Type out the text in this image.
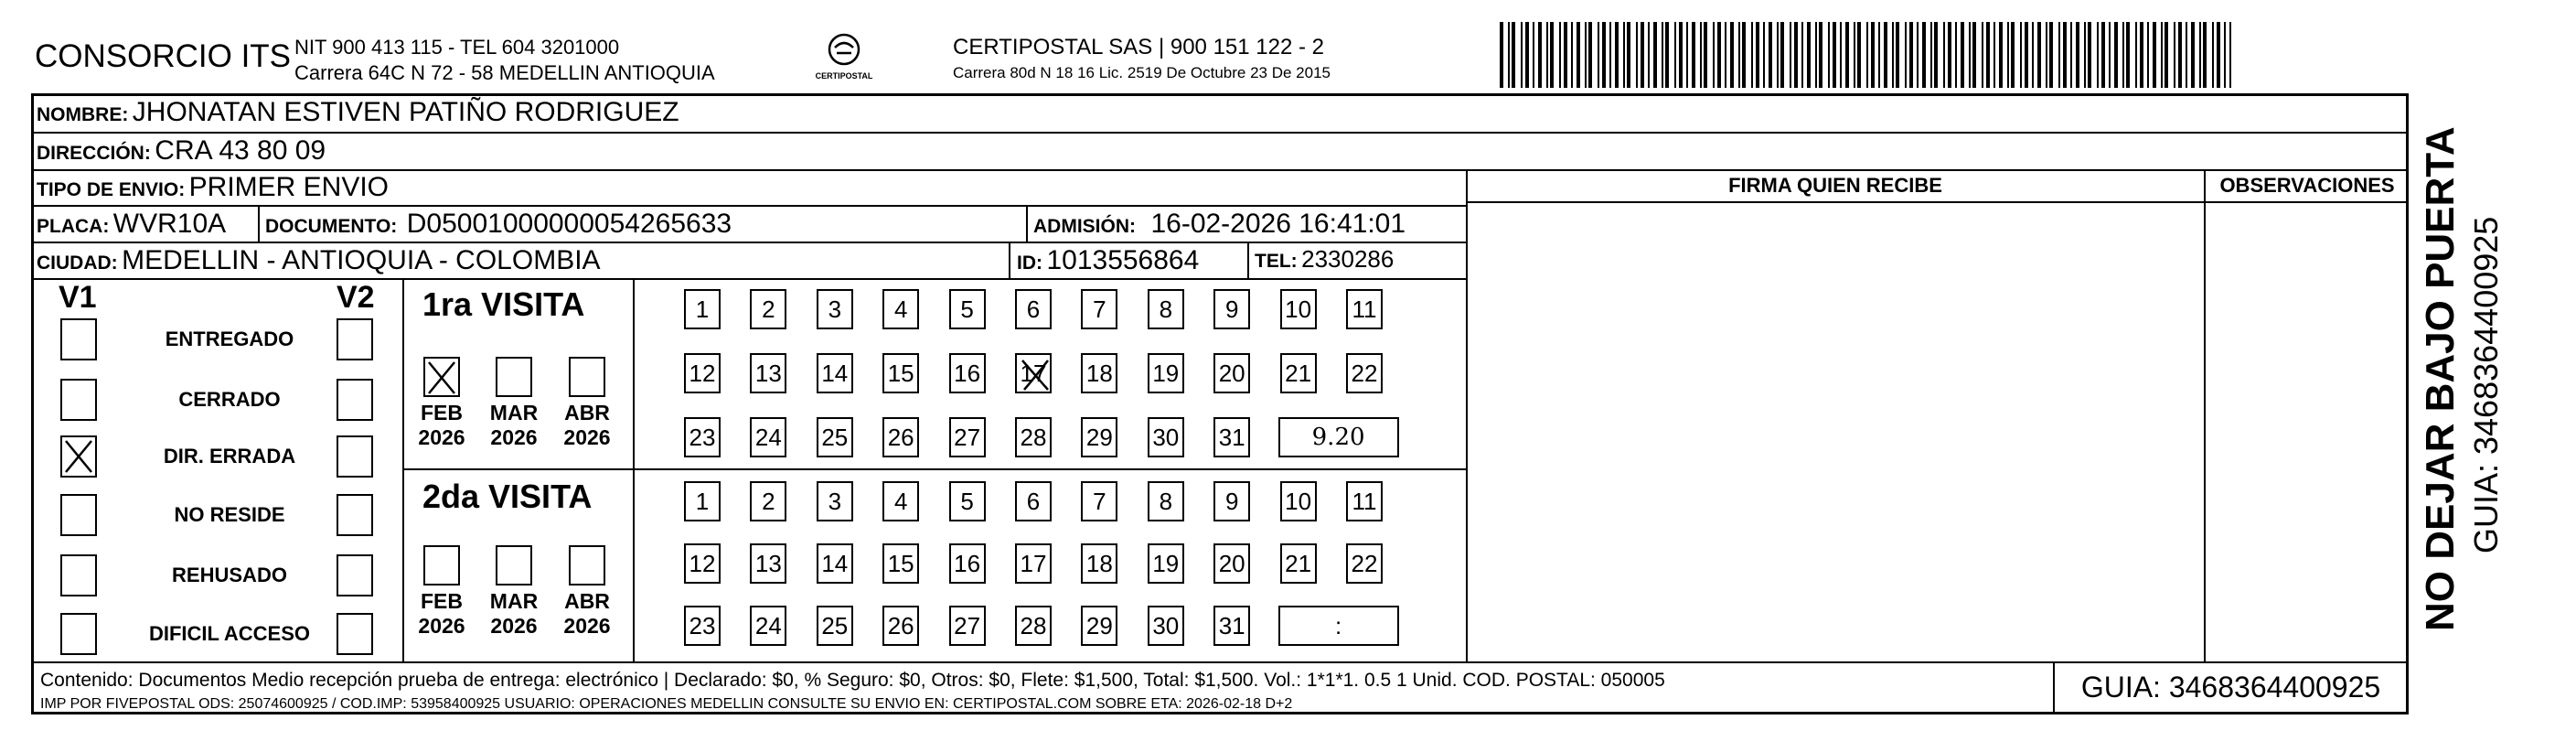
CONSORCIO ITS NIT 900 413 115 - TEL 604 3201000
Carrera 64C N 72 - 58 MEDELLIN ANTIOQUIA	CERTIPOSTAL
CERTIPOSTAL SAS | 900 151 122 - 2
Carrera 80d N 18 16 Lic. 2519 De Octubre 23 De 2015
NOMBRE: JHONATAN ESTIVEN PATIÑO RODRIGUEZ
DIRECCIÓN: CRA 43 80 09
TIPO DE ENVIO: PRIMER ENVIO	FIRMA QUIEN RECIBE	OBSERVACIONES
PLACA: WVR10A DOCUMENTO: D05001000000054265633	ADMISIÓN: 16-02-2026 16:41:01
CIUDAD: MEDELLIN - ANTIOQUIA - COLOMBIA	ID: 1013556864	TEL: 2330286
V1	V2
ENTREGADO
CERRADO
DIR. ERRADA
NO RESIDE
REHUSADO
DIFICIL ACCESO
1ra VISITA
FEB
2026
MAR
2026
ABR
2026
1	2	3	4	5	6	7	8	9	10 11
12 13 14 15 16 17 18 19 20 21 22
23 24 25 26 27 28 29 30 31	9.20
2da VISITA
FEB
2026
MAR
2026
ABR
2026
1	2	3	4	5	6	7	8	9	10 11
12 13 14 15 16 17 18 19 20 21 22
23 24 25 26 27 28 29 30 31	:
Contenido: Documentos Medio recepción prueba de entrega: electrónico | Declarado: $0, % Seguro: $0, Otros: $0, Flete: $1,500, Total: $1,500. Vol.: 1*1*1. 0.5 1 Unid. COD. POSTAL: 050005
IMP POR FIVEPOSTAL ODS: 25074600925 / COD.IMP: 53958400925 USUARIO: OPERACIONES MEDELLIN CONSULTE SU ENVIO EN: CERTIPOSTAL.COM SOBRE ETA: 2026-02-18 D+2
GUIA: 3468364400925
NO DEJAR BAJO PUERTA GUIA: 3468364400925
